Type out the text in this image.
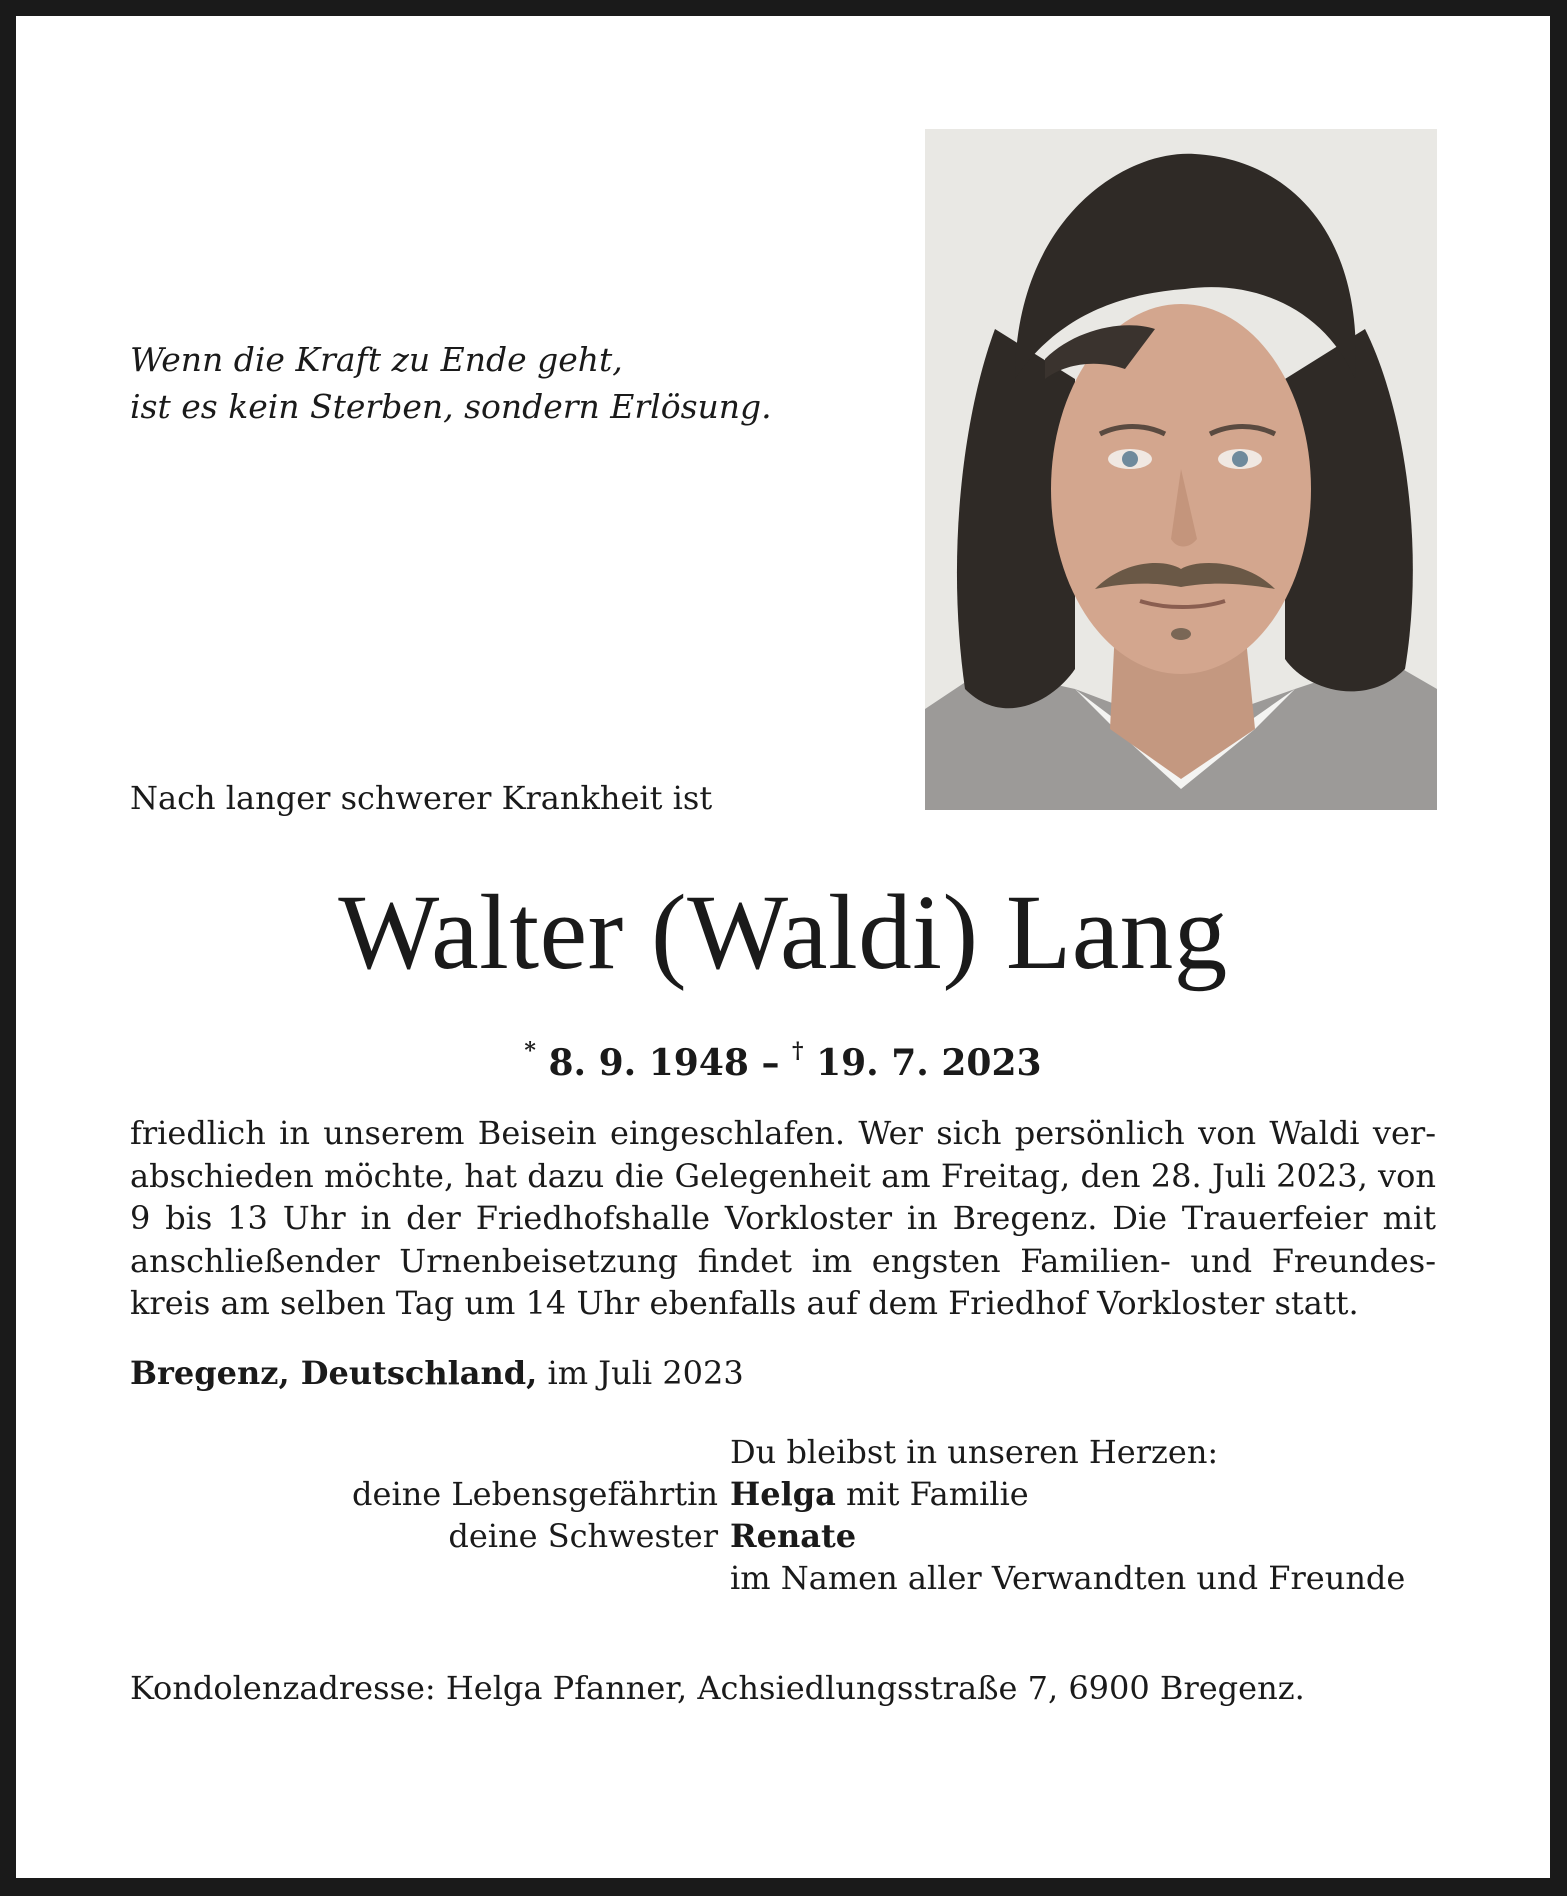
Wenn die Kraft zu Ende geht,
ist es kein Sterben, sondern Erlösung.
Nach langer schwerer Krankheit ist
Walter (Waldi) Lang
* 8. 9. 1948 – † 19. 7. 2023
friedlich in unserem Beisein eingeschlafen. Wer sich persönlich von Waldi ver-
abschieden möchte, hat dazu die Gelegenheit am Freitag, den 28. Juli 2023, von
9 bis 13 Uhr in der Friedhofshalle Vorkloster in Bregenz. Die Trauerfeier mit
anschließender Urnenbeisetzung findet im engsten Familien- und Freundes-
kreis am selben Tag um 14 Uhr ebenfalls auf dem Friedhof Vorkloster statt.
Bregenz, Deutschland, im Juli 2023
Du bleibst in unseren Herzen:
deine Lebensgefährtin Helga mit Familie
deine Schwester Renate
im Namen aller Verwandten und Freunde
Kondolenzadresse: Helga Pfanner, Achsiedlungsstraße 7, 6900 Bregenz.
